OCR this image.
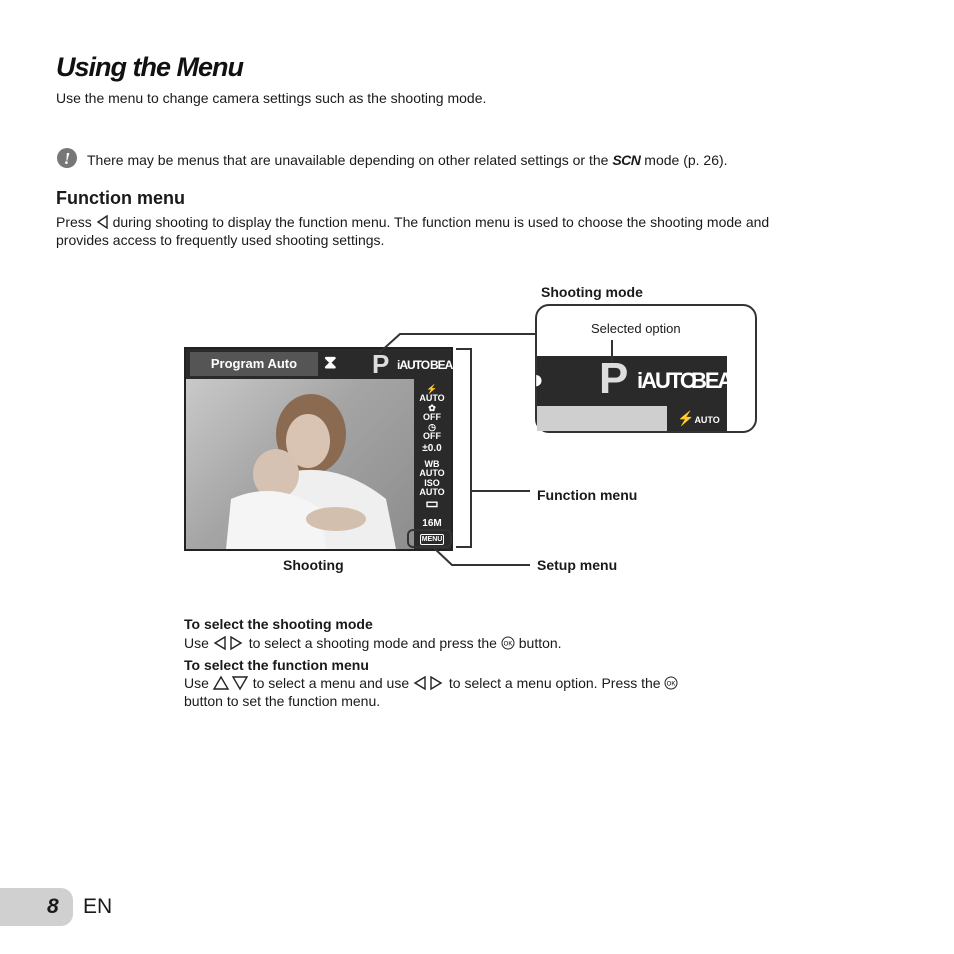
Using the Menu
Use the menu to change camera settings such as the shooting mode.
! There may be menus that are unavailable depending on other related settings or the SCN mode (p. 26).
Function menu
Press during shooting to display the function menu. The function menu is used to choose the shooting mode and
provides access to frequently used shooting settings.
Shooting mode
Program Auto	⧗ P iAUTO BEA
⚡
AUTO
✿
OFF
◷
OFF
±0.0
WB
AUTO
ISO
AUTO
▭
16M
MENU
Selected option
◗ P iAUTO
BEA
⚡AUTO
Function menu
Shooting	Setup menu
To select the shooting mode
Use	to select a shooting mode and press the OK button.
To select the function menu
Use	to select a menu and use	to select a menu option. Press the OK
button to set the function menu.
8 EN
